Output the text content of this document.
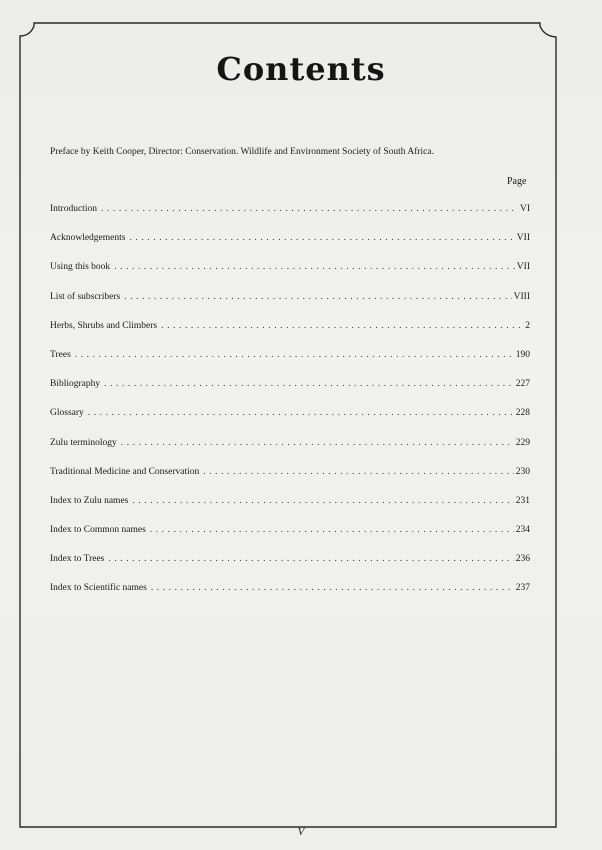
Contents
Preface by Keith Cooper, Director: Conservation. Wildlife and Environment Society of South Africa.
Page
Introduction . . .	VI
Acknowledgements . . .	VII
Using this book . . .	VII
List of subscribers . . .	VIII
Herbs, Shrubs and Climbers . . .	2
Trees . . .	190
Bibliography . . .	227
Glossary . . .	228
Zulu terminology . . .	229
Traditional Medicine and Conservation . . .	230
Index to Zulu names . . .	231
Index to Common names . . .	234
Index to Trees . . .	236
Index to Scientific names . . .	237
V
